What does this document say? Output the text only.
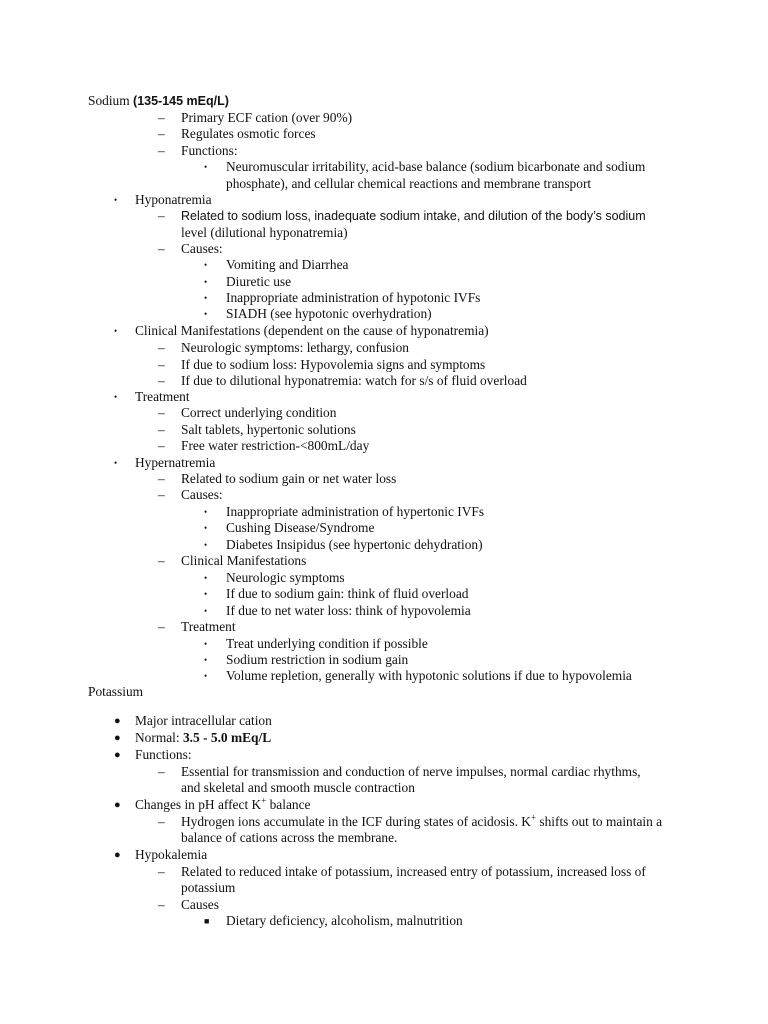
Sodium (135-145 mEq/L)
– Primary ECF cation (over 90%)
– Regulates osmotic forces
– Functions:
• Neuromuscular irritability, acid-base balance (sodium bicarbonate and sodium
phosphate), and cellular chemical reactions and membrane transport
• Hyponatremia
– Related to sodium loss, inadequate sodium intake, and dilution of the body’s sodium
level (dilutional hyponatremia)
– Causes:
• Vomiting and Diarrhea
• Diuretic use
• Inappropriate administration of hypotonic IVFs
• SIADH (see hypotonic overhydration)
• Clinical Manifestations (dependent on the cause of hyponatremia)
– Neurologic symptoms: lethargy, confusion
– If due to sodium loss: Hypovolemia signs and symptoms
– If due to dilutional hyponatremia: watch for s/s of fluid overload
• Treatment
– Correct underlying condition
– Salt tablets, hypertonic solutions
– Free water restriction-<800mL/day
• Hypernatremia
– Related to sodium gain or net water loss
– Causes:
• Inappropriate administration of hypertonic IVFs
• Cushing Disease/Syndrome
• Diabetes Insipidus (see hypertonic dehydration)
– Clinical Manifestations
• Neurologic symptoms
• If due to sodium gain: think of fluid overload
• If due to net water loss: think of hypovolemia
– Treatment
• Treat underlying condition if possible
• Sodium restriction in sodium gain
• Volume repletion, generally with hypotonic solutions if due to hypovolemia
Potassium
● Major intracellular cation
● Normal: 3.5 - 5.0 mEq/L
● Functions:
– Essential for transmission and conduction of nerve impulses, normal cardiac rhythms,
and skeletal and smooth muscle contraction
● Changes in pH affect K+ balance
– Hydrogen ions accumulate in the ICF during states of acidosis. K+ shifts out to maintain a
balance of cations across the membrane.
● Hypokalemia
– Related to reduced intake of potassium, increased entry of potassium, increased loss of
potassium
– Causes
■ Dietary deficiency, alcoholism, malnutrition
